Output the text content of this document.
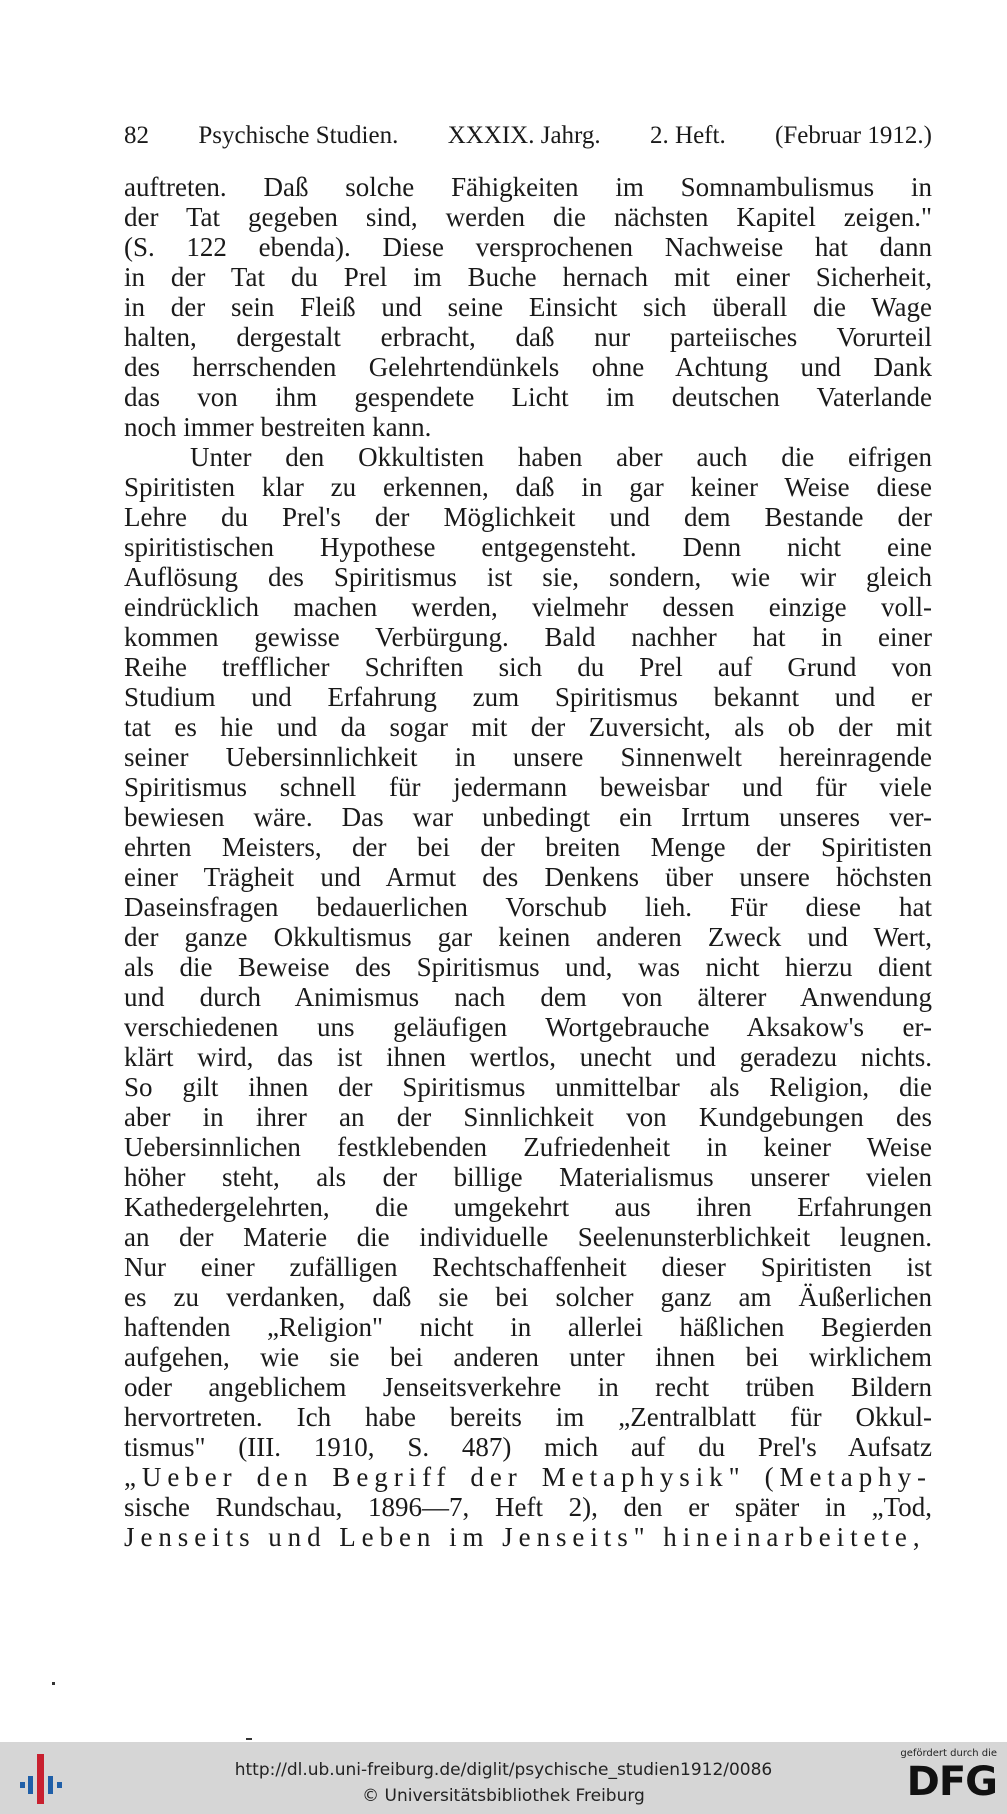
82 Psychische Studien. XXXIX. Jahrg. 2. Heft. (Februar 1912.)
auftreten. Daß solche Fähigkeiten im Somnambulismus in
der Tat gegeben sind, werden die nächsten Kapitel zeigen."
(S. 122 ebenda). Diese versprochenen Nachweise hat dann
in der Tat du Prel im Buche hernach mit einer Sicherheit,
in der sein Fleiß und seine Einsicht sich überall die Wage
halten, dergestalt erbracht, daß nur parteiisches Vorurteil
des herrschenden Gelehrtendünkels ohne Achtung und Dank
das von ihm gespendete Licht im deutschen Vaterlande
noch immer bestreiten kann.
Unter den Okkultisten haben aber auch die eifrigen
Spiritisten klar zu erkennen, daß in gar keiner Weise diese
Lehre du Prel's der Möglichkeit und dem Bestande der
spiritistischen Hypothese entgegensteht. Denn nicht eine
Auflösung des Spiritismus ist sie, sondern, wie wir gleich
eindrücklich machen werden, vielmehr dessen einzige voll-
kommen gewisse Verbürgung. Bald nachher hat in einer
Reihe trefflicher Schriften sich du Prel auf Grund von
Studium und Erfahrung zum Spiritismus bekannt und er
tat es hie und da sogar mit der Zuversicht, als ob der mit
seiner Uebersinnlichkeit in unsere Sinnenwelt hereinragende
Spiritismus schnell für jedermann beweisbar und für viele
bewiesen wäre. Das war unbedingt ein Irrtum unseres ver-
ehrten Meisters, der bei der breiten Menge der Spiritisten
einer Trägheit und Armut des Denkens über unsere höchsten
Daseinsfragen bedauerlichen Vorschub lieh. Für diese hat
der ganze Okkultismus gar keinen anderen Zweck und Wert,
als die Beweise des Spiritismus und, was nicht hierzu dient
und durch Animismus nach dem von älterer Anwendung
verschiedenen uns geläufigen Wortgebrauche Aksakow's er-
klärt wird, das ist ihnen wertlos, unecht und geradezu nichts.
So gilt ihnen der Spiritismus unmittelbar als Religion, die
aber in ihrer an der Sinnlichkeit von Kundgebungen des
Uebersinnlichen festklebenden Zufriedenheit in keiner Weise
höher steht, als der billige Materialismus unserer vielen
Kathedergelehrten, die umgekehrt aus ihren Erfahrungen
an der Materie die individuelle Seelenunsterblichkeit leugnen.
Nur einer zufälligen Rechtschaffenheit dieser Spiritisten ist
es zu verdanken, daß sie bei solcher ganz am Äußerlichen
haftenden „Religion" nicht in allerlei häßlichen Begierden
aufgehen, wie sie bei anderen unter ihnen bei wirklichem
oder angeblichem Jenseitsverkehre in recht trüben Bildern
hervortreten. Ich habe bereits im „Zentralblatt für Okkul-
tismus" (III. 1910, S. 487) mich auf du Prel's Aufsatz
„Ueber den Begriff der Metaphysik" (Metaphy-
sische Rundschau, 1896—7, Heft 2), den er später in „Tod,
Jenseits und Leben im Jenseits" hineinarbeitete,
http://dl.ub.uni-freiburg.de/diglit/psychische_studien1912/0086
© Universitätsbibliothek Freiburg
gefördert durch die
DFG
